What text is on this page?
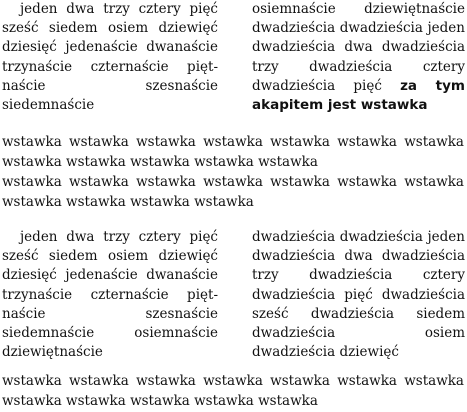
jeden dwa trzy cztery pięć sześć siedem osiem dziewięć dziesięć jedenaście dwanaście trzynaście czternaście piętnaście szesnaście siedemnaście

osiemnaście dziewiętnaście dwadzieścia dwadzieścia jeden dwadzieścia dwa dwadzieścia trzy dwadzieścia cztery dwadzieścia pięć za tym akapitem jest wstawka

wstawka wstawka wstawka wstawka wstawka wstawka wstawka wstawka wstawka wstawka wstawka wstawka

wstawka wstawka wstawka wstawka wstawka wstawka wstawka wstawka wstawka wstawka wstawka

jeden dwa trzy cztery pięć sześć siedem osiem dziewięć dziesięć jedenaście dwanaście trzynaście czternaście piętnaście szesnaście siedemnaście osiemnaście dziewiętnaście

dwadzieścia dwadzieścia jeden dwadzieścia dwa dwadzieścia trzy dwadzieścia cztery dwadzieścia pięć dwadzieścia sześć dwadzieścia siedem dwadzieścia osiem dwadzieścia dziewięć

wstawka wstawka wstawka wstawka wstawka wstawka wstawka wstawka wstawka wstawka wstawka wstawka
